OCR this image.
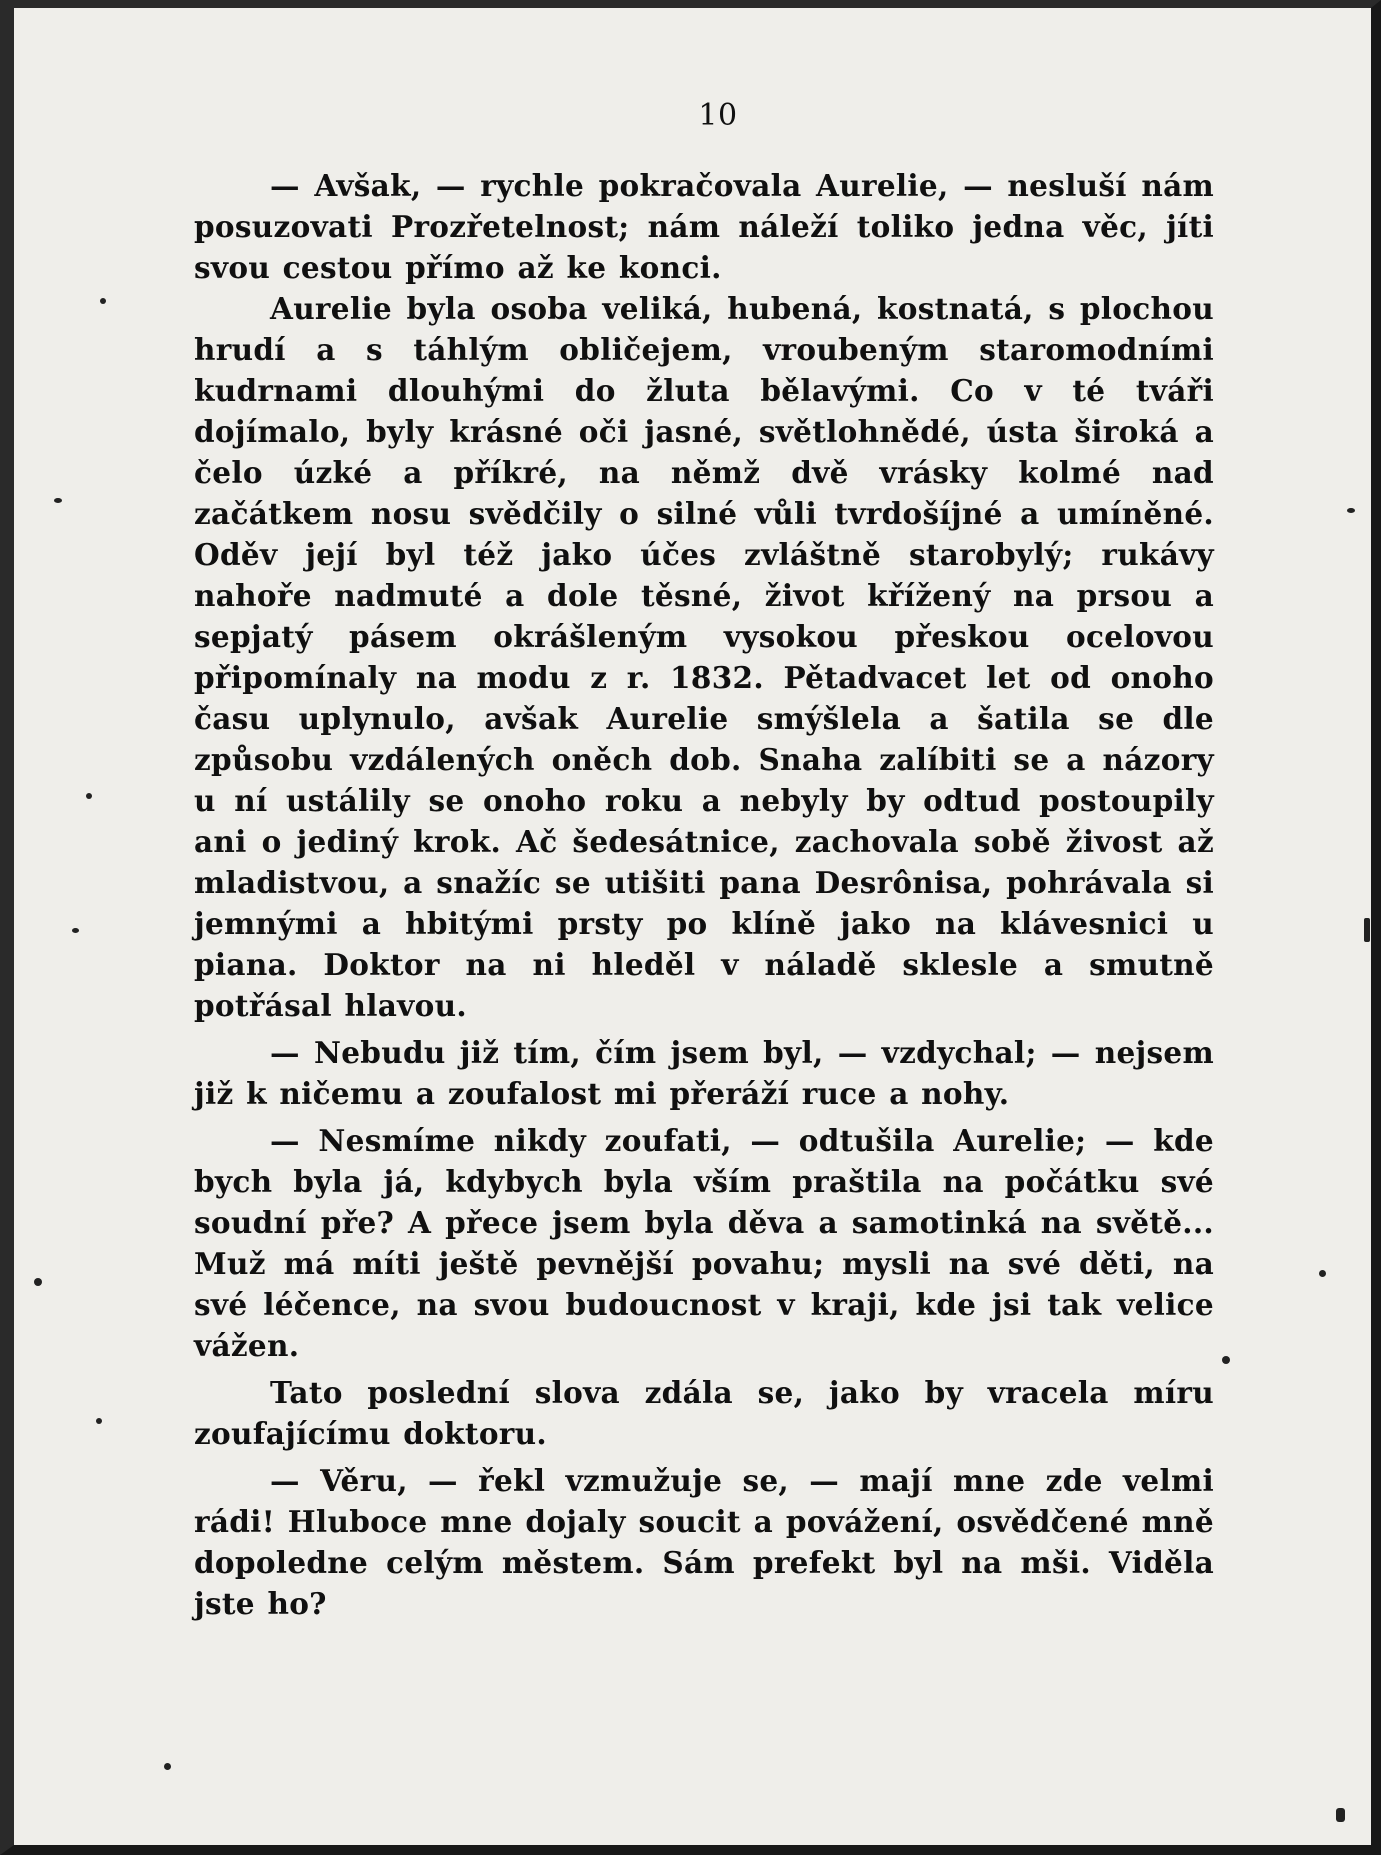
10

— Avšak, — rychle pokračovala Aurelie, — nesluší nám posuzovati Prozřetelnost; nám náleží toliko jedna věc, jíti svou cestou přímo až ke konci.

Aurelie byla osoba veliká, hubená, kostnatá, s plochou hrudí a s táhlým obličejem, vroubeným staromodními kudrnami dlouhými do žluta bělavými. Co v té tváři dojímalo, byly krásné oči jasné, světlohnědé, ústa široká a čelo úzké a příkré, na němž dvě vrásky kolmé nad začátkem nosu svědčily o silné vůli tvrdošíjné a umíněné. Oděv její byl též jako účes zvláštně starobylý; rukávy nahoře nadmuté a dole těsné, život křížený na prsou a sepjatý pásem okrášleným vysokou přeskou ocelovou připomínaly na modu z r. 1832. Pětadvacet let od onoho času uplynulo, avšak Aurelie smýšlela a šatila se dle způsobu vzdálených oněch dob. Snaha zalíbiti se a názory u ní ustálily se onoho roku a nebyly by odtud postoupily ani o jediný krok. Ač šedesátnice, zachovala sobě živost až mladistvou, a snažíc se utišiti pana Desrônisa, pohrávala si jemnými a hbitými prsty po klíně jako na klávesnici u piana. Doktor na ni hleděl v náladě sklesle a smutně potřásal hlavou.

— Nebudu již tím, čím jsem byl, — vzdychal; — nejsem již k ničemu a zoufalost mi přeráží ruce a nohy.

— Nesmíme nikdy zoufati, — odtušila Aurelie; — kde bych byla já, kdybych byla vším praštila na počátku své soudní pře? A přece jsem byla děva a samotinká na světě... Muž má míti ještě pevnější povahu; mysli na své děti, na své léčence, na svou budoucnost v kraji, kde jsi tak velice vážen.

Tato poslední slova zdála se, jako by vracela míru zoufajícímu doktoru.

— Věru, — řekl vzmužuje se, — mají mne zde velmi rádi! Hluboce mne dojaly soucit a povážení, osvědčené mně dopoledne celým městem. Sám prefekt byl na mši. Viděla jste ho?
